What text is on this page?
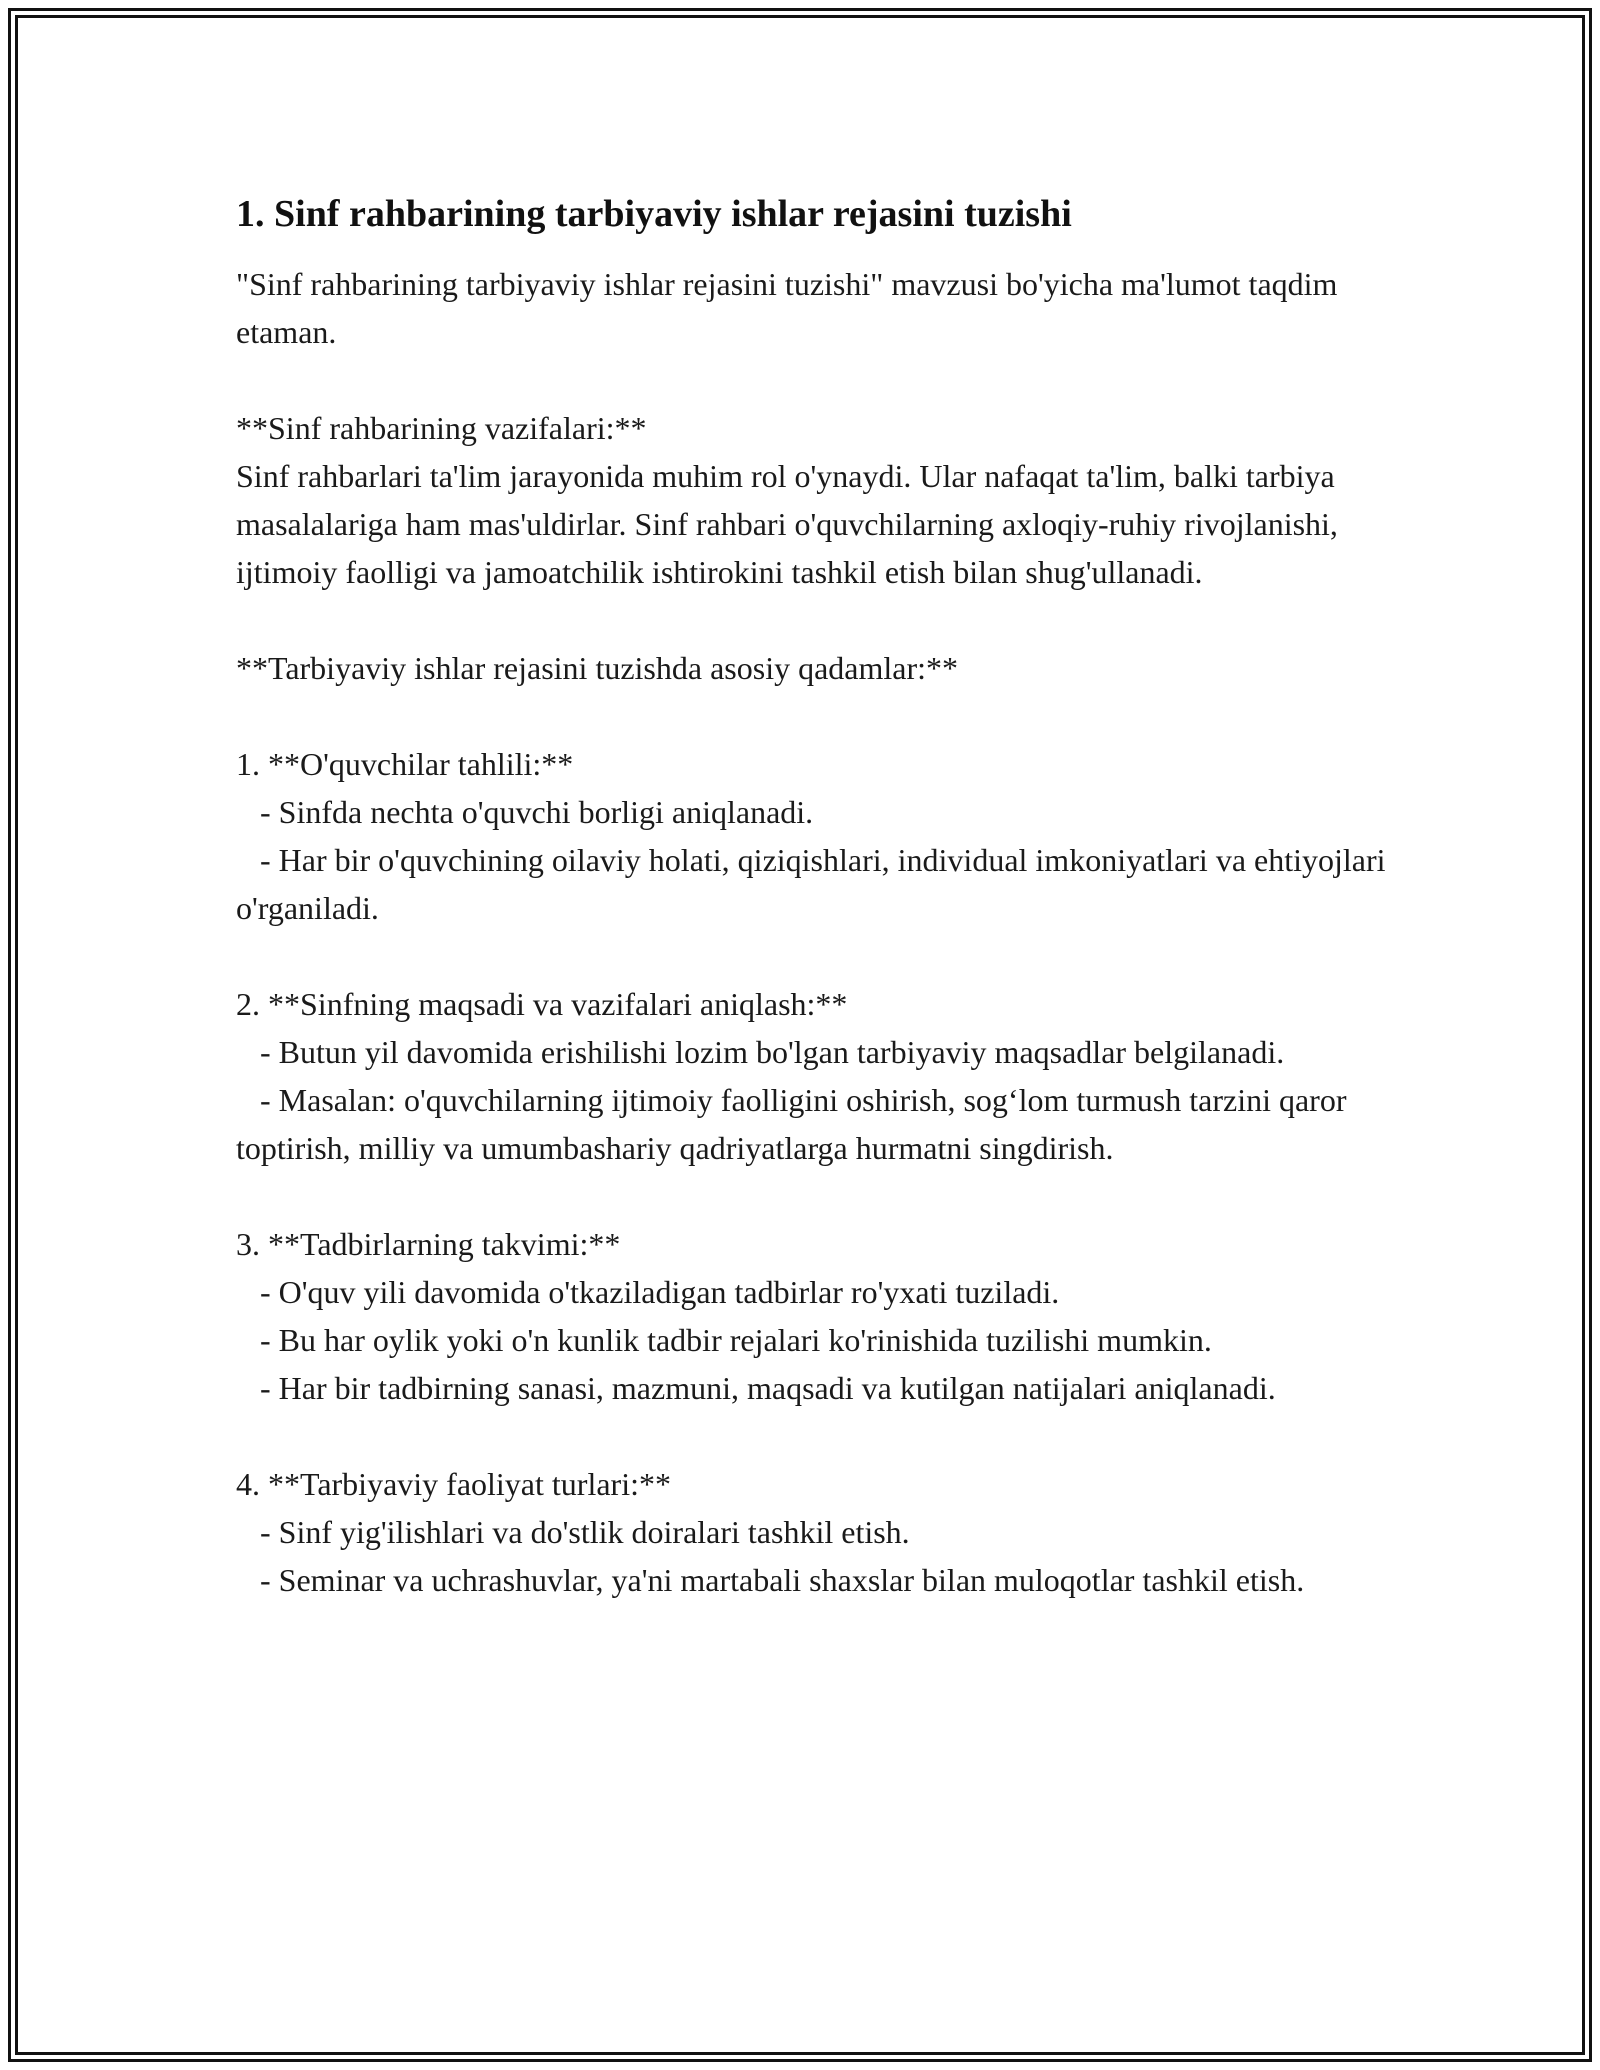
1. Sinf rahbarining tarbiyaviy ishlar rejasini tuzishi

"Sinf rahbarining tarbiyaviy ishlar rejasini tuzishi" mavzusi bo'yicha ma'lumot taqdim etaman.

**Sinf rahbarining vazifalari:**

Sinf rahbarlari ta'lim jarayonida muhim rol o'ynaydi. Ular nafaqat ta'lim, balki tarbiya masalalariga ham mas'uldirlar. Sinf rahbari o'quvchilarning axloqiy-ruhiy rivojlanishi, ijtimoiy faolligi va jamoatchilik ishtirokini tashkil etish bilan shug'ullanadi.

**Tarbiyaviy ishlar rejasini tuzishda asosiy qadamlar:**

1. **O'quvchilar tahlili:**

- Sinfda nechta o'quvchi borligi aniqlanadi.

- Har bir o'quvchining oilaviy holati, qiziqishlari, individual imkoniyatlari va ehtiyojlari o'rganiladi.

2. **Sinfning maqsadi va vazifalari aniqlash:**

- Butun yil davomida erishilishi lozim bo'lgan tarbiyaviy maqsadlar belgilanadi.

- Masalan: o'quvchilarning ijtimoiy faolligini oshirish, sog‘lom turmush tarzini qaror toptirish, milliy va umumbashariy qadriyatlarga hurmatni singdirish.

3. **Tadbirlarning takvimi:**

- O'quv yili davomida o'tkaziladigan tadbirlar ro'yxati tuziladi.

- Bu har oylik yoki o'n kunlik tadbir rejalari ko'rinishida tuzilishi mumkin.

- Har bir tadbirning sanasi, mazmuni, maqsadi va kutilgan natijalari aniqlanadi.

4. **Tarbiyaviy faoliyat turlari:**

- Sinf yig'ilishlari va do'stlik doiralari tashkil etish.

- Seminar va uchrashuvlar, ya'ni martabali shaxslar bilan muloqotlar tashkil etish.
